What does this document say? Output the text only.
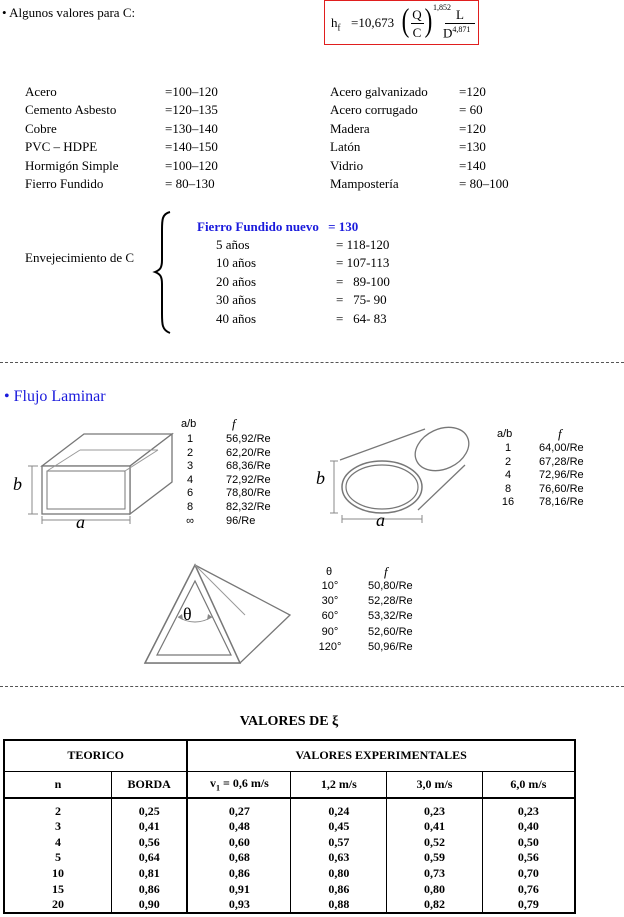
• Algunos valores para C:
$h_f =10,673$ ( Q
C ) 1,852 L
D$^{4,871}$
Acero	=100–120
Cemento Asbesto	=120–135
Cobre	=130–140
PVC – HDPE	=140–150
Hormigón Simple	=100–120
Fierro Fundido	= 80–130
Acero galvanizado =120
Acero corrugado	= 60
Madera	=120
Latón	=130
Vidrio	=140
Mampostería	= 80–100
Envejecimiento de C
Fierro Fundido nuevo = 130
5 años	= 118-120
10 años	= 107-113
20 años	=   89-100
30 años	=   75- 90
40 años	=   64- 83
• Flujo Laminar
b
a
a/b	f
1	56,92/Re
2	62,20/Re
3	68,36/Re
4	72,92/Re
6	78,80/Re
8	82,32/Re
∞	96/Re
b
a
a/b	f
1	64,00/Re
2	67,28/Re
4	72,96/Re
8	76,60/Re
16	78,16/Re
θ
θ	f
10°	50,80/Re
30°	52,28/Re
60°	53,32/Re
90°	52,60/Re
120° 50,96/Re
VALORES DE ξ
TEORICO		VALORES EXPERIMENTALES			
n	BORDA	$v_1 = 0,6$ m/s	1,2 m/s	3,0 m/s	6,0 m/s
2	0,25	0,27	0,24	0,23	0,23
3	0,41	0,48	0,45	0,41	0,40
4	0,56	0,60	0,57	0,52	0,50
5	0,64	0,68	0,63	0,59	0,56
10	0,81	0,86	0,80	0,73	0,70
15	0,86	0,91	0,86	0,80	0,76
20	0,90	0,93	0,88	0,82	0,79
